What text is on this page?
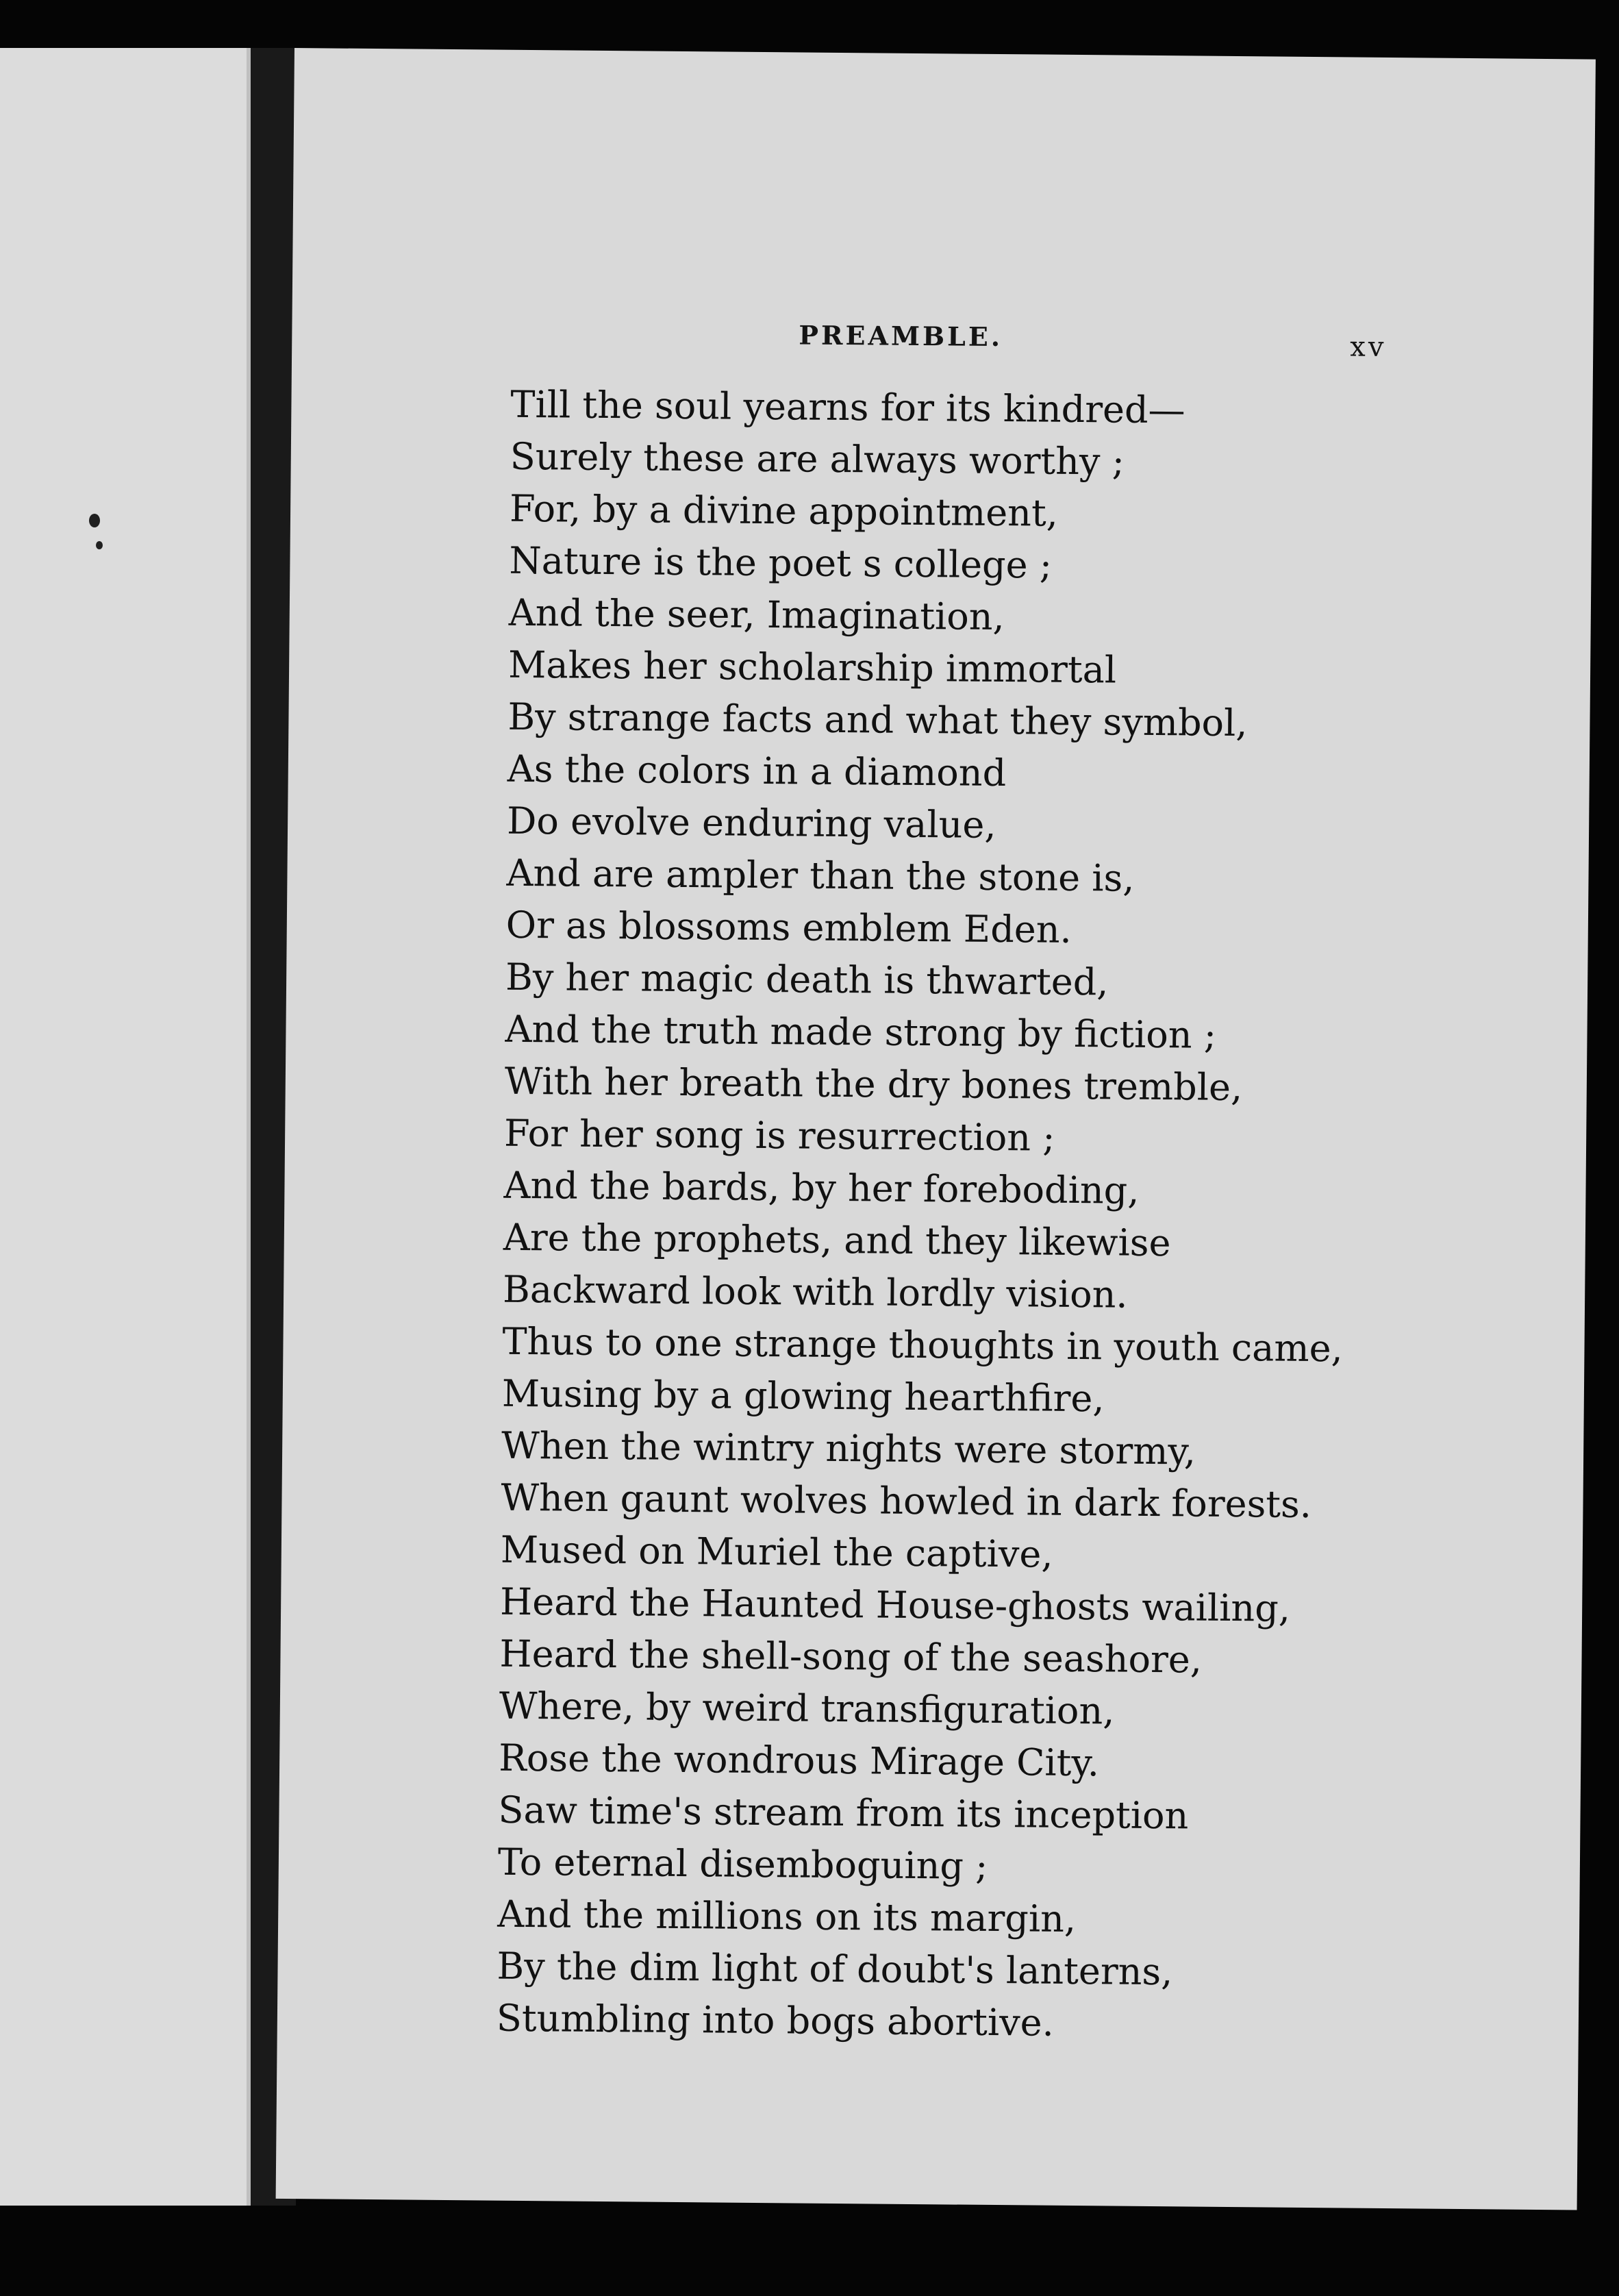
PREAMBLE.	xv
Till the soul yearns for its kindred—
Surely these are always worthy ;
For, by a divine appointment,
Nature is the poet s college ;
And the seer, Imagination,
Makes her scholarship immortal
By strange facts and what they symbol,
As the colors in a diamond
Do evolve enduring value,
And are ampler than the stone is,
Or as blossoms emblem Eden.
By her magic death is thwarted,
And the truth made strong by fiction ;
With her breath the dry bones tremble,
For her song is resurrection ;
And the bards, by her foreboding,
Are the prophets, and they likewise
Backward look with lordly vision.
Thus to one strange thoughts in youth came,
Musing by a glowing hearthfire,
When the wintry nights were stormy,
When gaunt wolves howled in dark forests.
Mused on Muriel the captive,
Heard the Haunted House-ghosts wailing,
Heard the shell-song of the seashore,
Where, by weird transfiguration,
Rose the wondrous Mirage City.
Saw time's stream from its inception
To eternal disemboguing ;
And the millions on its margin,
By the dim light of doubt's lanterns,
Stumbling into bogs abortive.
